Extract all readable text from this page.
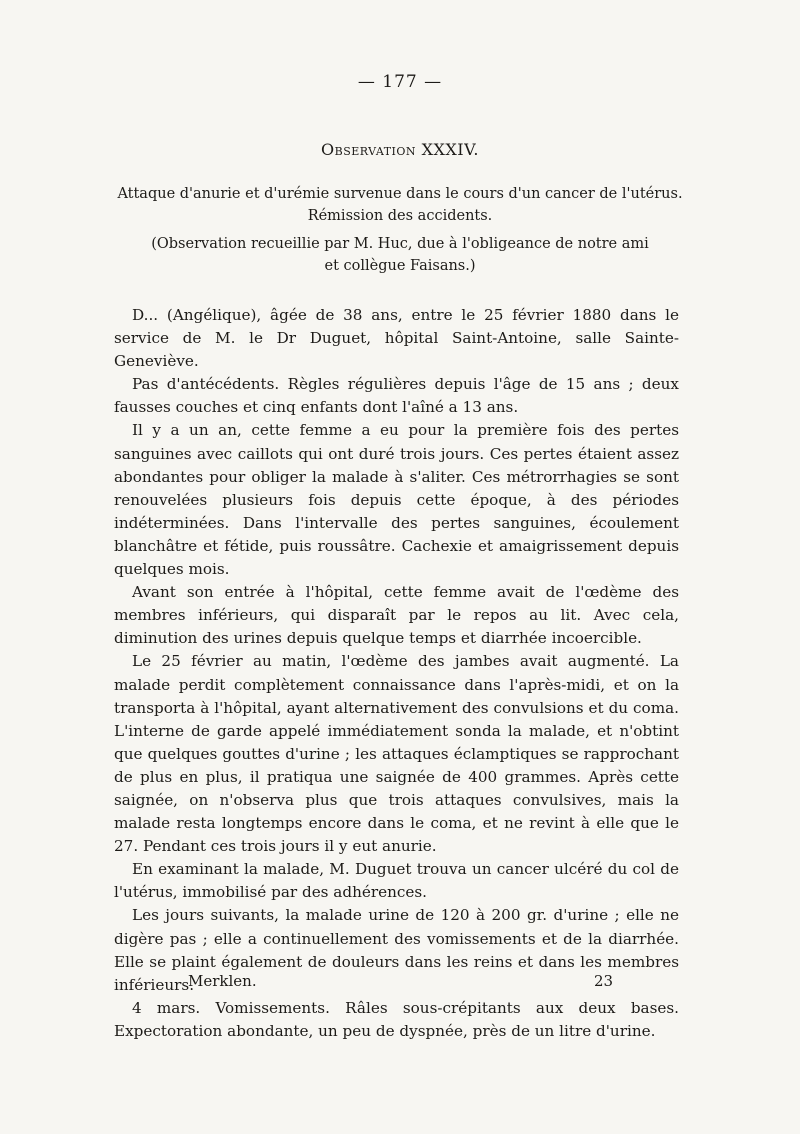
— 177 —
Observation XXXIV.
Attaque d'anurie et d'urémie survenue dans le cours d'un cancer de l'utérus.
Rémission des accidents.
(Observation recueillie par M. Huc, due à l'obligeance de notre ami
et collègue Faisans.)

D... (Angélique), âgée de 38 ans, entre le 25 février 1880 dans le service de M. le Dr Duguet, hôpital Saint-Antoine, salle Sainte-Geneviève.

Pas d'antécédents. Règles régulières depuis l'âge de 15 ans ; deux fausses couches et cinq enfants dont l'aîné a 13 ans.

Il y a un an, cette femme a eu pour la première fois des pertes sanguines avec caillots qui ont duré trois jours. Ces pertes étaient assez abondantes pour obliger la malade à s'aliter. Ces métrorrhagies se sont renouvelées plusieurs fois depuis cette époque, à des périodes indéterminées. Dans l'intervalle des pertes sanguines, écoulement blanchâtre et fétide, puis roussâtre. Cachexie et amaigrissement depuis quelques mois.

Avant son entrée à l'hôpital, cette femme avait de l'œdème des membres inférieurs, qui disparaît par le repos au lit. Avec cela, diminution des urines depuis quelque temps et diarrhée incoercible.

Le 25 février au matin, l'œdème des jambes avait augmenté. La malade perdit complètement connaissance dans l'après-midi, et on la transporta à l'hôpital, ayant alternativement des convulsions et du coma. L'interne de garde appelé immédiatement sonda la malade, et n'obtint que quelques gouttes d'urine ; les attaques éclamptiques se rapprochant de plus en plus, il pratiqua une saignée de 400 grammes. Après cette saignée, on n'observa plus que trois attaques convulsives, mais la malade resta longtemps encore dans le coma, et ne revint à elle que le 27. Pendant ces trois jours il y eut anurie.

En examinant la malade, M. Duguet trouva un cancer ulcéré du col de l'utérus, immobilisé par des adhérences.

Les jours suivants, la malade urine de 120 à 200 gr. d'urine ; elle ne digère pas ; elle a continuellement des vomissements et de la diarrhée. Elle se plaint également de douleurs dans les reins et dans les membres inférieurs.

4 mars. Vomissements. Râles sous-crépitants aux deux bases. Expectoration abondante, un peu de dyspnée, près de un litre d'urine.

Merklen.	23
